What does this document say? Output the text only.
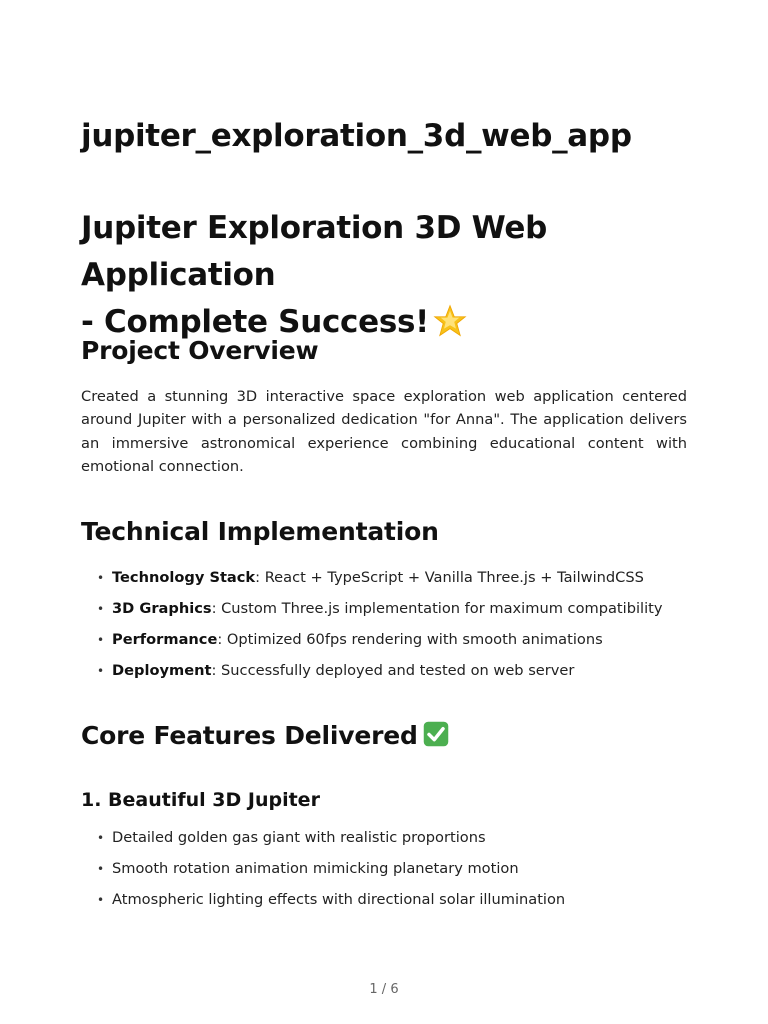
jupiter_exploration_3d_web_app
Jupiter Exploration 3D Web Application
- Complete Success!
Project Overview

Created a stunning 3D interactive space exploration web application centered around Jupiter with a personalized dedication "for Anna". The application delivers an immersive astronomical experience combining educational content with emotional connection.

Technical Implementation
• Technology Stack: React + TypeScript + Vanilla Three.js + TailwindCSS
• 3D Graphics: Custom Three.js implementation for maximum compatibility
• Performance: Optimized 60fps rendering with smooth animations
• Deployment: Successfully deployed and tested on web server
Core Features Delivered
1. Beautiful 3D Jupiter
• Detailed golden gas giant with realistic proportions
• Smooth rotation animation mimicking planetary motion
• Atmospheric lighting effects with directional solar illumination
1 / 6
